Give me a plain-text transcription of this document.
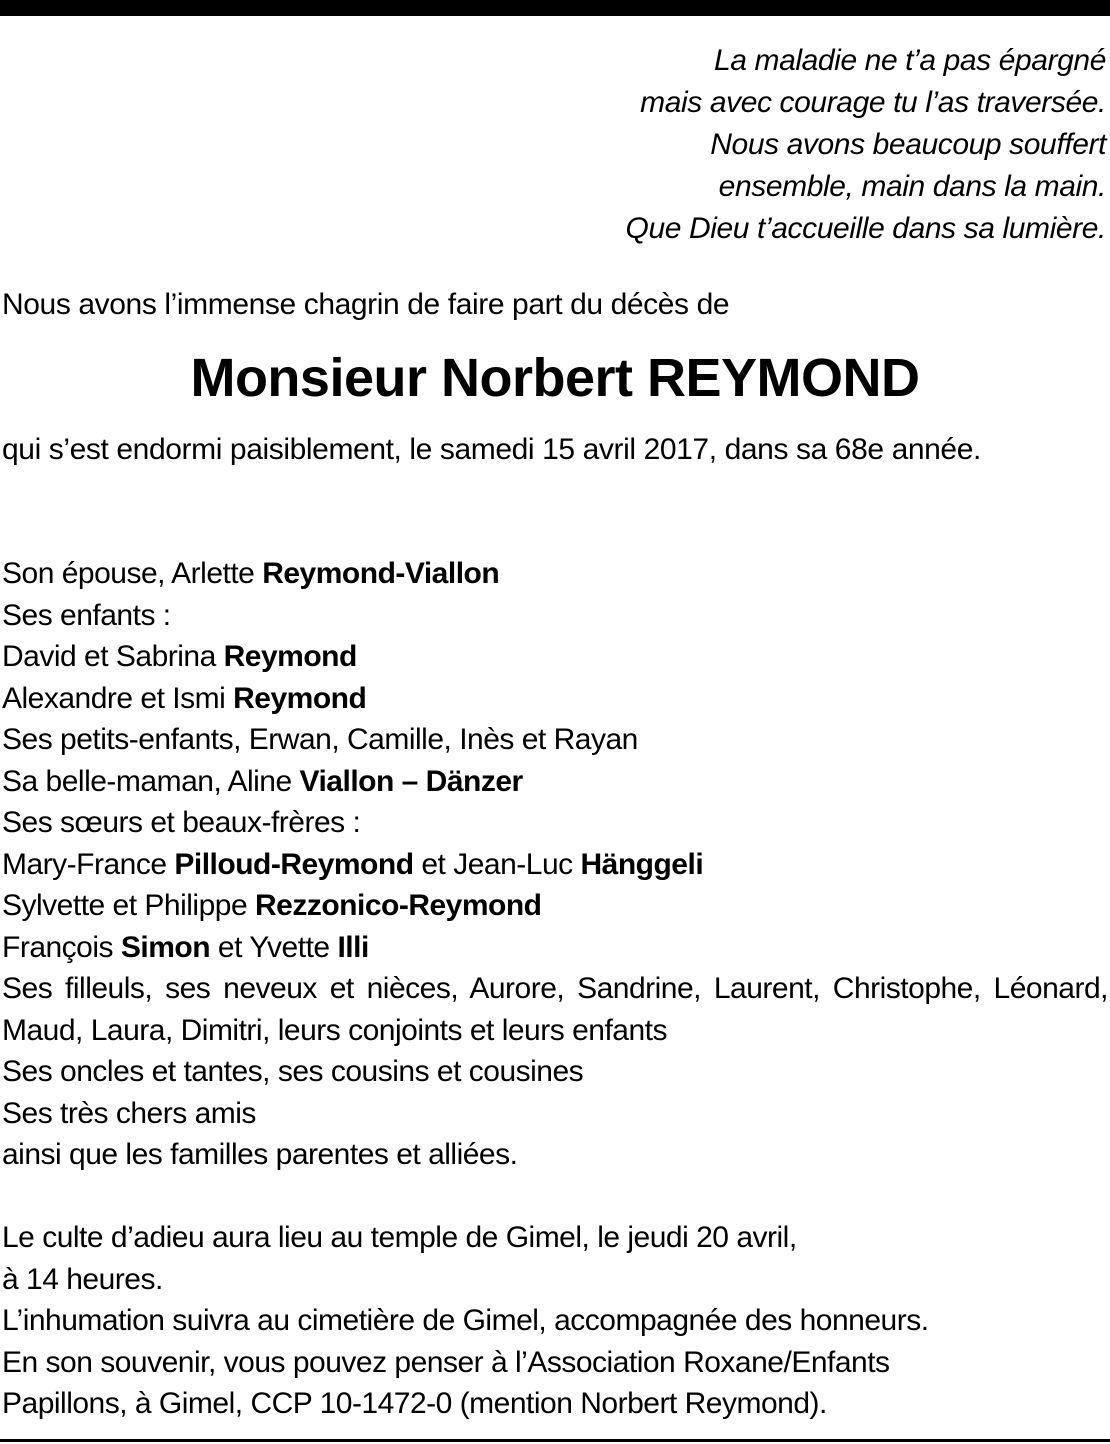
La maladie ne t’a pas épargné
mais avec courage tu l’as traversée.
Nous avons beaucoup souffert
ensemble, main dans la main.
Que Dieu t’accueille dans sa lumière.
Nous avons l’immense chagrin de faire part du décès de
Monsieur Norbert REYMOND
qui s’est endormi paisiblement, le samedi 15 avril 2017, dans sa 68e année.
Son épouse, Arlette Reymond-Viallon
Ses enfants :
David et Sabrina Reymond
Alexandre et Ismi Reymond
Ses petits-enfants, Erwan, Camille, Inès et Rayan
Sa belle-maman, Aline Viallon – Dänzer
Ses sœurs et beaux-frères :
Mary-France Pilloud-Reymond et Jean-Luc Hänggeli
Sylvette et Philippe Rezzonico-Reymond
François Simon et Yvette Illi
Ses filleuls, ses neveux et nièces, Aurore, Sandrine, Laurent, Christophe, Léonard, Maud, Laura, Dimitri, leurs conjoints et leurs enfants
Ses oncles et tantes, ses cousins et cousines
Ses très chers amis
ainsi que les familles parentes et alliées.
Le culte d’adieu aura lieu au temple de Gimel, le jeudi 20 avril,
à 14 heures.
L’inhumation suivra au cimetière de Gimel, accompagnée des honneurs.
En son souvenir, vous pouvez penser à l’Association Roxane/Enfants
Papillons, à Gimel, CCP 10-1472-0 (mention Norbert Reymond).
